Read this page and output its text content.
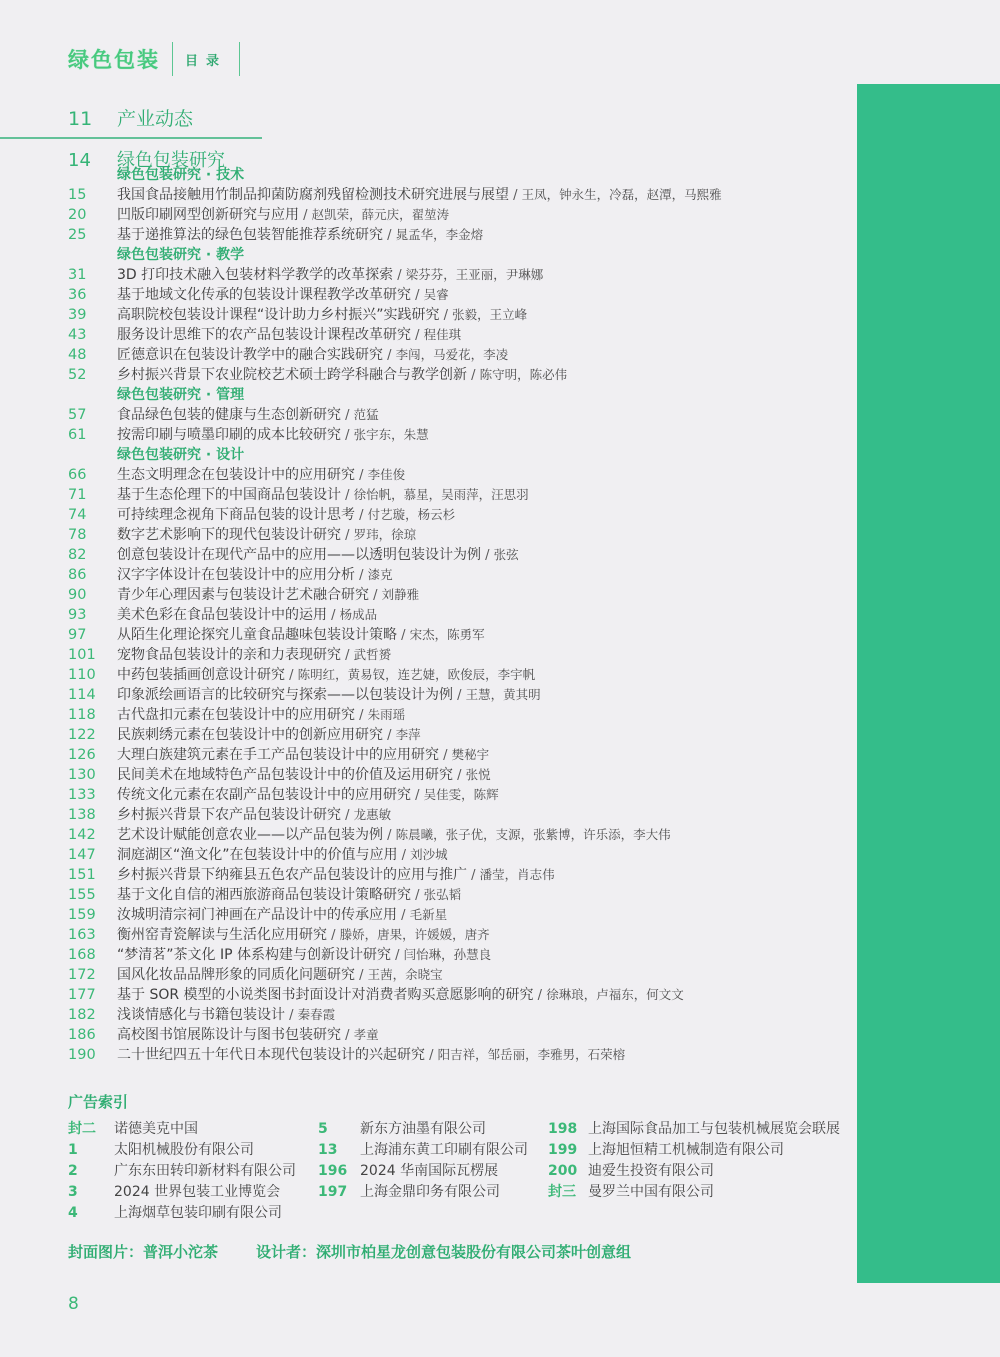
绿色包装 目录
11	产业动态
14	绿色包装研究
绿色包装研究 · 技术
15	我国食品接触用竹制品抑菌防腐剂残留检测技术研究进展与展望 / 王凤，钟永生，冷磊，赵潭，马熙雅
20	凹版印刷网型创新研究与应用 / 赵凯荣，薛元庆，翟堃涛
25	基于递推算法的绿色包装智能推荐系统研究 / 晁孟华，李金熔
绿色包装研究 · 教学
31	3D 打印技术融入包装材料学教学的改革探索 / 梁芬芬，王亚丽，尹琳娜
36	基于地域文化传承的包装设计课程教学改革研究 / 吴睿
39	高职院校包装设计课程“设计助力乡村振兴”实践研究 / 张毅，王立峰
43	服务设计思维下的农产品包装设计课程改革研究 / 程佳琪
48	匠德意识在包装设计教学中的融合实践研究 / 李闯，马爱花，李凌
52	乡村振兴背景下农业院校艺术硕士跨学科融合与教学创新 / 陈守明，陈必伟
绿色包装研究 · 管理
57	食品绿色包装的健康与生态创新研究 / 范猛
61	按需印刷与喷墨印刷的成本比较研究 / 张宇东，朱慧
绿色包装研究 · 设计
66	生态文明理念在包装设计中的应用研究 / 李佳俊
71	基于生态伦理下的中国商品包装设计 / 徐怡帆，慕星，吴雨萍，汪思羽
74	可持续理念视角下商品包装的设计思考 / 付艺璇，杨云杉
78	数字艺术影响下的现代包装设计研究 / 罗玮，徐琼
82	创意包装设计在现代产品中的应用——以透明包装设计为例 / 张弦
86	汉字字体设计在包装设计中的应用分析 / 漆克
90	青少年心理因素与包装设计艺术融合研究 / 刘静雅
93	美术色彩在食品包装设计中的运用 / 杨成品
97	从陌生化理论探究儿童食品趣味包装设计策略 / 宋杰，陈勇军
101	宠物食品包装设计的亲和力表现研究 / 武哲赟
110	中药包装插画创意设计研究 / 陈明红，黄易钗，连艺婕，欧俊辰，李宇帆
114	印象派绘画语言的比较研究与探索——以包装设计为例 / 王慧，黄其明
118	古代盘扣元素在包装设计中的应用研究 / 朱雨瑶
122	民族刺绣元素在包装设计中的创新应用研究 / 李萍
126	大理白族建筑元素在手工产品包装设计中的应用研究 / 樊秘宇
130	民间美术在地域特色产品包装设计中的价值及运用研究 / 张悦
133	传统文化元素在农副产品包装设计中的应用研究 / 吴佳雯，陈辉
138	乡村振兴背景下农产品包装设计研究 / 龙惠敏
142	艺术设计赋能创意农业——以产品包装为例 / 陈晨曦，张子优，支源，张紫博，许乐添，李大伟
147	洞庭湖区“渔文化”在包装设计中的价值与应用 / 刘沙城
151	乡村振兴背景下纳雍县五色农产品包装设计的应用与推广 / 潘莹，肖志伟
155	基于文化自信的湘西旅游商品包装设计策略研究 / 张弘韬
159	汝城明清宗祠门神画在产品设计中的传承应用 / 毛新星
163	衡州窑青瓷解读与生活化应用研究 / 滕娇，唐果，许媛媛，唐齐
168	“梦清茗”茶文化 IP 体系构建与创新设计研究 / 闫怡琳，孙慧良
172	国风化妆品品牌形象的同质化问题研究 / 王茜，余晓宝
177	基于 SOR 模型的小说类图书封面设计对消费者购买意愿影响的研究 / 徐琳琅，卢福东，何文文
182	浅谈情感化与书籍包装设计 / 秦春霞
186	高校图书馆展陈设计与图书包装研究 / 孝童
190	二十世纪四五十年代日本现代包装设计的兴起研究 / 阳吉祥，邹岳丽，李雅男，石荣榕
广告索引
封二	诺德美克中国
1	太阳机械股份有限公司
2	广东东田转印新材料有限公司
3	2024 世界包装工业博览会
4	上海烟草包装印刷有限公司
5	新东方油墨有限公司
13	上海浦东黄工印刷有限公司
196 2024 华南国际瓦楞展
197 上海金鼎印务有限公司
198 上海国际食品加工与包装机械展览会联展
199 上海旭恒精工机械制造有限公司
200 迪爱生投资有限公司
封三 曼罗兰中国有限公司
封面图片：普洱小沱茶	设计者：深圳市柏星龙创意包装股份有限公司茶叶创意组
8
